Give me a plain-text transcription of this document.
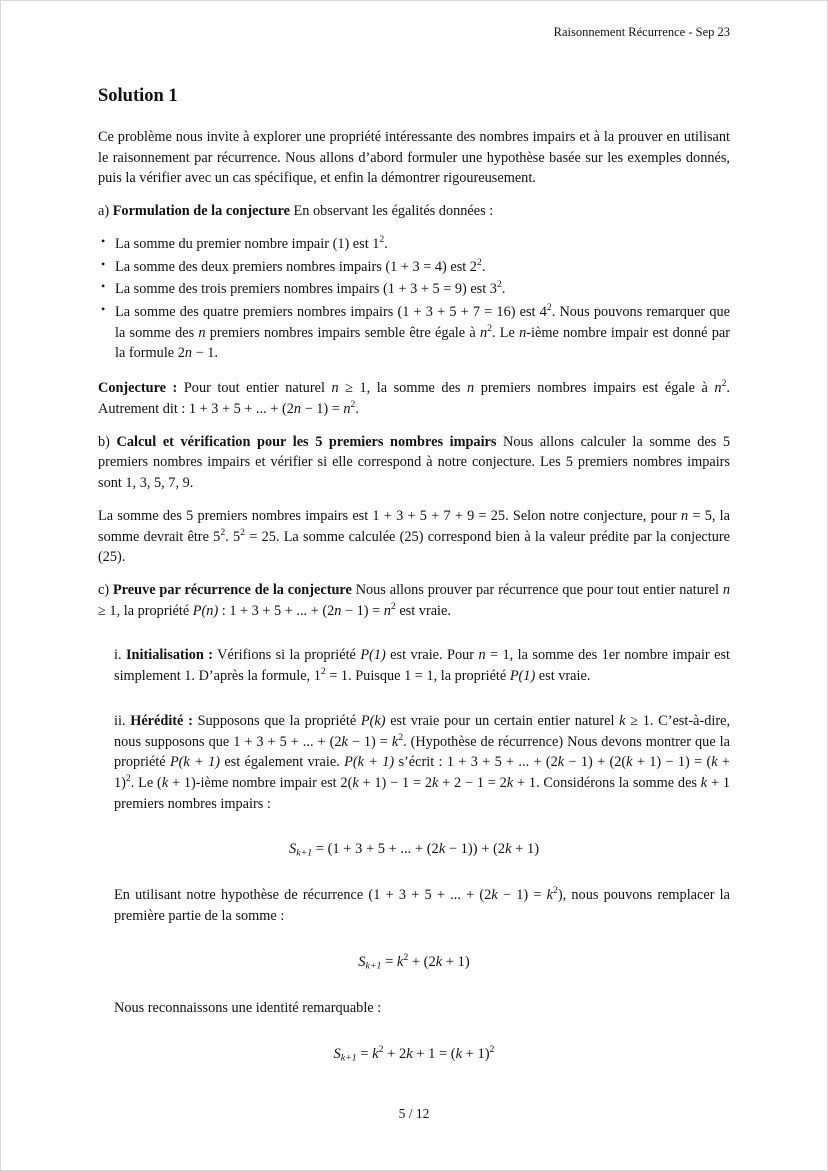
Raisonnement Récurrence - Sep 23
Solution 1

Ce problème nous invite à explorer une propriété intéressante des nombres impairs et à la prouver en utilisant le raisonnement par récurrence. Nous allons d’abord formuler une hypothèse basée sur les exemples donnés, puis la vérifier avec un cas spécifique, et enfin la démontrer rigoureusement.

a) Formulation de la conjecture En observant les égalités données :

• La somme du premier nombre impair (1) est $1^2$.
• La somme des deux premiers nombres impairs (1 + 3 = 4) est $2^2$.
• La somme des trois premiers nombres impairs (1 + 3 + 5 = 9) est $3^2$.
• La somme des quatre premiers nombres impairs (1 + 3 + 5 + 7 = 16) est $4^2$. Nous pouvons remarquer que la somme des n premiers nombres impairs semble être égale à $n^2$. Le n-ième nombre impair est donné par la formule 2n − 1.

Conjecture : Pour tout entier naturel n ≥ 1, la somme des n premiers nombres impairs est égale à $n^2$. Autrement dit : 1 + 3 + 5 + ... + $(2n - 1) = n^2$.

b) Calcul et vérification pour les 5 premiers nombres impairs Nous allons calculer la somme des 5 premiers nombres impairs et vérifier si elle correspond à notre conjecture. Les 5 premiers nombres impairs sont 1, 3, 5, 7, 9.

La somme des 5 premiers nombres impairs est 1 + 3 + 5 + 7 + 9 = 25. Selon notre conjecture, pour n = 5, la somme devrait être $5^2$. $5^2 = 25$. La somme calculée (25) correspond bien à la valeur prédite par la conjecture (25).

c) Preuve par récurrence de la conjecture Nous allons prouver par récurrence que pour tout entier naturel n ≥ 1, la propriété P(n) : 1 + 3 + 5 + ... + $(2n - 1) = n^2$ est vraie.

i. Initialisation : Vérifions si la propriété P(1) est vraie. Pour n = 1, la somme des 1er nombre impair est simplement 1. D’après la formule, $1^2 = 1$. Puisque 1 = 1, la propriété P(1) est vraie.

ii. Hérédité : Supposons que la propriété P(k) est vraie pour un certain entier naturel k ≥ 1. C’est-à-dire, nous supposons que 1 + 3 + 5 + ... + $(2k - 1) = k^2$. (Hypothèse de récurrence) Nous devons montrer que la propriété P(k + 1) est également vraie. P(k + 1) s’écrit : 1 + 3 + 5 + ... + $(2k - 1) + (2(k + 1) - 1) = (k + 1)^2$. Le (k + 1)-ième nombre impair est 2(k + 1) − 1 = 2k + 2 − 1 = 2k + 1. Considérons la somme des k + 1 premiers nombres impairs :

$S_{k+1} = (1 + 3 + 5$ + ... + (2k − 1)) + (2k + 1)

En utilisant notre hypothèse de récurrence (1 + 3 + 5 + ... + $(2k - 1) = k^2$), nous pouvons remplacer la première partie de la somme :

$S_{k+1} = k^2 + (2k + 1)$

Nous reconnaissons une identité remarquable :

$S_{k+1} = k^2 + 2k + 1 = (k + 1)^2$
5 / 12
